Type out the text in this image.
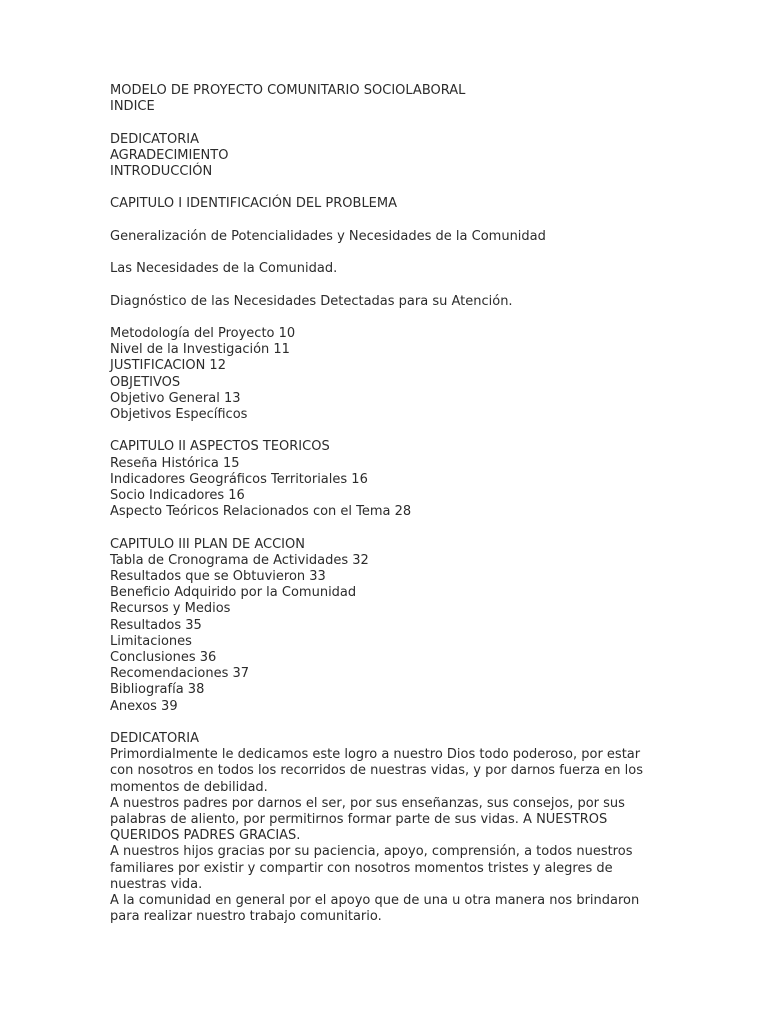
MODELO DE PROYECTO COMUNITARIO SOCIOLABORAL
INDICE
DEDICATORIA
AGRADECIMIENTO
INTRODUCCIÓN
CAPITULO I IDENTIFICACIÓN DEL PROBLEMA
Generalización de Potencialidades y Necesidades de la Comunidad
Las Necesidades de la Comunidad.
Diagnóstico de las Necesidades Detectadas para su Atención.
Metodología del Proyecto 10
Nivel de la Investigación 11
JUSTIFICACION 12
OBJETIVOS
Objetivo General 13
Objetivos Específicos
CAPITULO II ASPECTOS TEORICOS
Reseña Histórica 15
Indicadores Geográficos Territoriales 16
Socio Indicadores 16
Aspecto Teóricos Relacionados con el Tema 28
CAPITULO III PLAN DE ACCION
Tabla de Cronograma de Actividades 32
Resultados que se Obtuvieron 33
Beneficio Adquirido por la Comunidad
Recursos y Medios
Resultados 35
Limitaciones
Conclusiones 36
Recomendaciones 37
Bibliografía 38
Anexos 39
DEDICATORIA
Primordialmente le dedicamos este logro a nuestro Dios todo poderoso, por estar
con nosotros en todos los recorridos de nuestras vidas, y por darnos fuerza en los
momentos de debilidad.
A nuestros padres por darnos el ser, por sus enseñanzas, sus consejos, por sus
palabras de aliento, por permitirnos formar parte de sus vidas. A NUESTROS
QUERIDOS PADRES GRACIAS.
A nuestros hijos gracias por su paciencia, apoyo, comprensión, a todos nuestros
familiares por existir y compartir con nosotros momentos tristes y alegres de
nuestras vida.
A la comunidad en general por el apoyo que de una u otra manera nos brindaron
para realizar nuestro trabajo comunitario.
